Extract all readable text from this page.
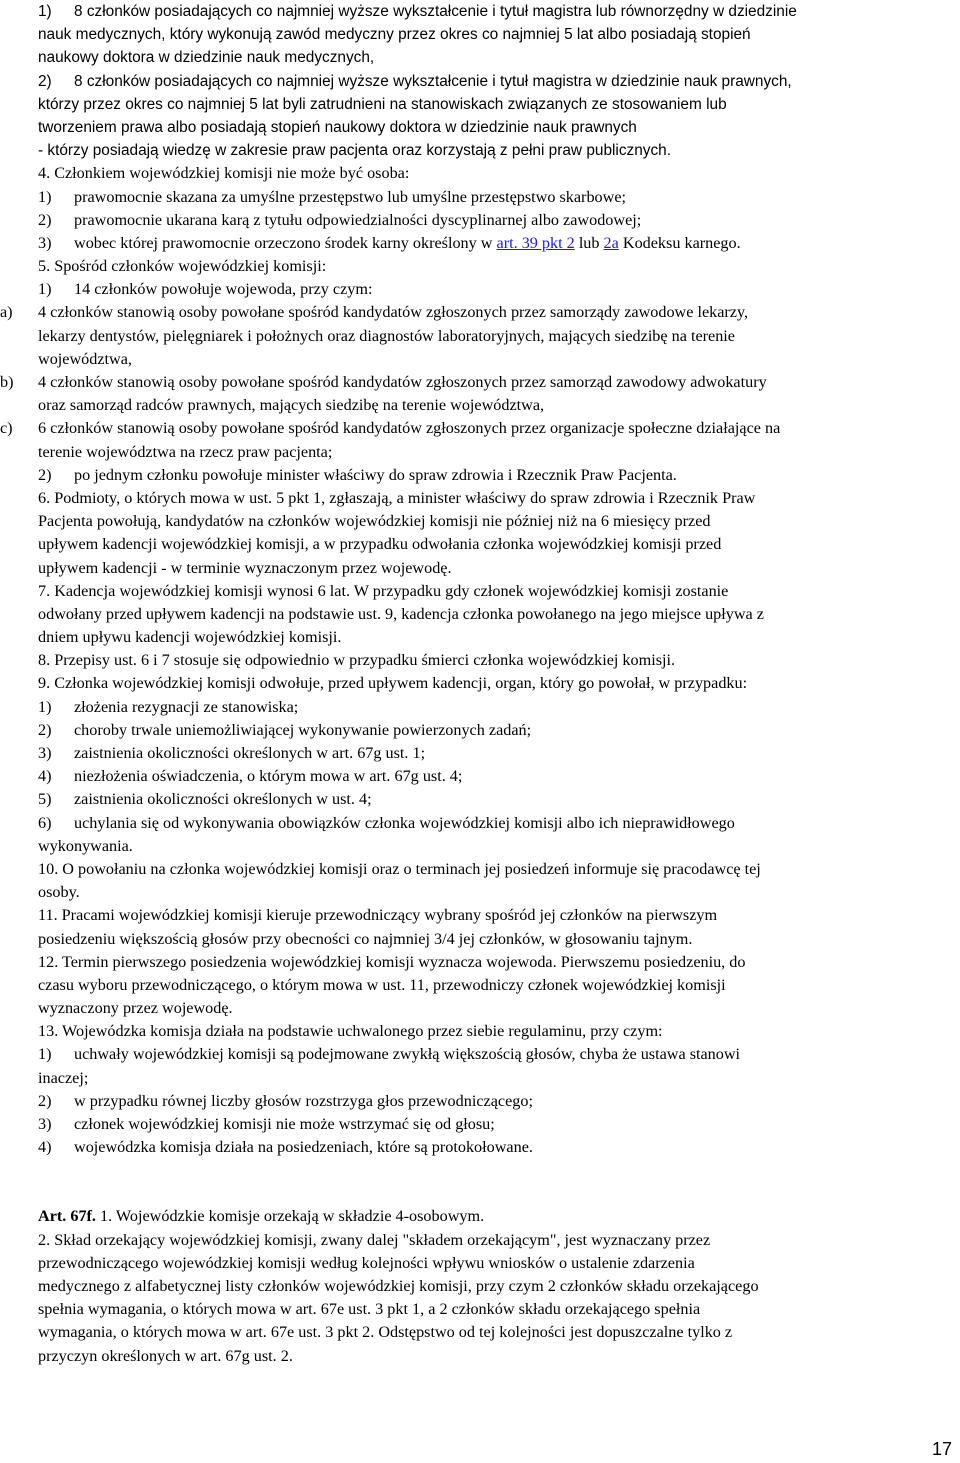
1) 8 członków posiadających co najmniej wyższe wykształcenie i tytuł magistra lub równorzędny w dziedzinie
nauk medycznych, który wykonują zawód medyczny przez okres co najmniej 5 lat albo posiadają stopień
naukowy doktora w dziedzinie nauk medycznych,
2) 8 członków posiadających co najmniej wyższe wykształcenie i tytuł magistra w dziedzinie nauk prawnych,
którzy przez okres co najmniej 5 lat byli zatrudnieni na stanowiskach związanych ze stosowaniem lub
tworzeniem prawa albo posiadają stopień naukowy doktora w dziedzinie nauk prawnych
- którzy posiadają wiedzę w zakresie praw pacjenta oraz korzystają z pełni praw publicznych.
4. Członkiem wojewódzkiej komisji nie może być osoba:
1) prawomocnie skazana za umyślne przestępstwo lub umyślne przestępstwo skarbowe;
2) prawomocnie ukarana karą z tytułu odpowiedzialności dyscyplinarnej albo zawodowej;
3) wobec której prawomocnie orzeczono środek karny określony w art. 39 pkt 2 lub 2a Kodeksu karnego.
5. Spośród członków wojewódzkiej komisji:
1) 14 członków powołuje wojewoda, przy czym:
a) 4 członków stanowią osoby powołane spośród kandydatów zgłoszonych przez samorządy zawodowe lekarzy,
lekarzy dentystów, pielęgniarek i położnych oraz diagnostów laboratoryjnych, mających siedzibę na terenie
województwa,
b) 4 członków stanowią osoby powołane spośród kandydatów zgłoszonych przez samorząd zawodowy adwokatury
oraz samorząd radców prawnych, mających siedzibę na terenie województwa,
c) 6 członków stanowią osoby powołane spośród kandydatów zgłoszonych przez organizacje społeczne działające na
terenie województwa na rzecz praw pacjenta;
2) po jednym członku powołuje minister właściwy do spraw zdrowia i Rzecznik Praw Pacjenta.
6. Podmioty, o których mowa w ust. 5 pkt 1, zgłaszają, a minister właściwy do spraw zdrowia i Rzecznik Praw
Pacjenta powołują, kandydatów na członków wojewódzkiej komisji nie później niż na 6 miesięcy przed
upływem kadencji wojewódzkiej komisji, a w przypadku odwołania członka wojewódzkiej komisji przed
upływem kadencji - w terminie wyznaczonym przez wojewodę.
7. Kadencja wojewódzkiej komisji wynosi 6 lat. W przypadku gdy członek wojewódzkiej komisji zostanie
odwołany przed upływem kadencji na podstawie ust. 9, kadencja członka powołanego na jego miejsce upływa z
dniem upływu kadencji wojewódzkiej komisji.
8. Przepisy ust. 6 i 7 stosuje się odpowiednio w przypadku śmierci członka wojewódzkiej komisji.
9. Członka wojewódzkiej komisji odwołuje, przed upływem kadencji, organ, który go powołał, w przypadku:
1) złożenia rezygnacji ze stanowiska;
2) choroby trwale uniemożliwiającej wykonywanie powierzonych zadań;
3) zaistnienia okoliczności określonych w art. 67g ust. 1;
4) niezłożenia oświadczenia, o którym mowa w art. 67g ust. 4;
5) zaistnienia okoliczności określonych w ust. 4;
6) uchylania się od wykonywania obowiązków członka wojewódzkiej komisji albo ich nieprawidłowego
wykonywania.
10. O powołaniu na członka wojewódzkiej komisji oraz o terminach jej posiedzeń informuje się pracodawcę tej
osoby.
11. Pracami wojewódzkiej komisji kieruje przewodniczący wybrany spośród jej członków na pierwszym
posiedzeniu większością głosów przy obecności co najmniej 3/4 jej członków, w głosowaniu tajnym.
12. Termin pierwszego posiedzenia wojewódzkiej komisji wyznacza wojewoda. Pierwszemu posiedzeniu, do
czasu wyboru przewodniczącego, o którym mowa w ust. 11, przewodniczy członek wojewódzkiej komisji
wyznaczony przez wojewodę.
13. Wojewódzka komisja działa na podstawie uchwalonego przez siebie regulaminu, przy czym:
1) uchwały wojewódzkiej komisji są podejmowane zwykłą większością głosów, chyba że ustawa stanowi
inaczej;
2) w przypadku równej liczby głosów rozstrzyga głos przewodniczącego;
3) członek wojewódzkiej komisji nie może wstrzymać się od głosu;
4) wojewódzka komisja działa na posiedzeniach, które są protokołowane.
Art. 67f. 1. Wojewódzkie komisje orzekają w składzie 4-osobowym.
2. Skład orzekający wojewódzkiej komisji, zwany dalej "składem orzekającym", jest wyznaczany przez
przewodniczącego wojewódzkiej komisji według kolejności wpływu wniosków o ustalenie zdarzenia
medycznego z alfabetycznej listy członków wojewódzkiej komisji, przy czym 2 członków składu orzekającego
spełnia wymagania, o których mowa w art. 67e ust. 3 pkt 1, a 2 członków składu orzekającego spełnia
wymagania, o których mowa w art. 67e ust. 3 pkt 2. Odstępstwo od tej kolejności jest dopuszczalne tylko z
przyczyn określonych w art. 67g ust. 2.
17
